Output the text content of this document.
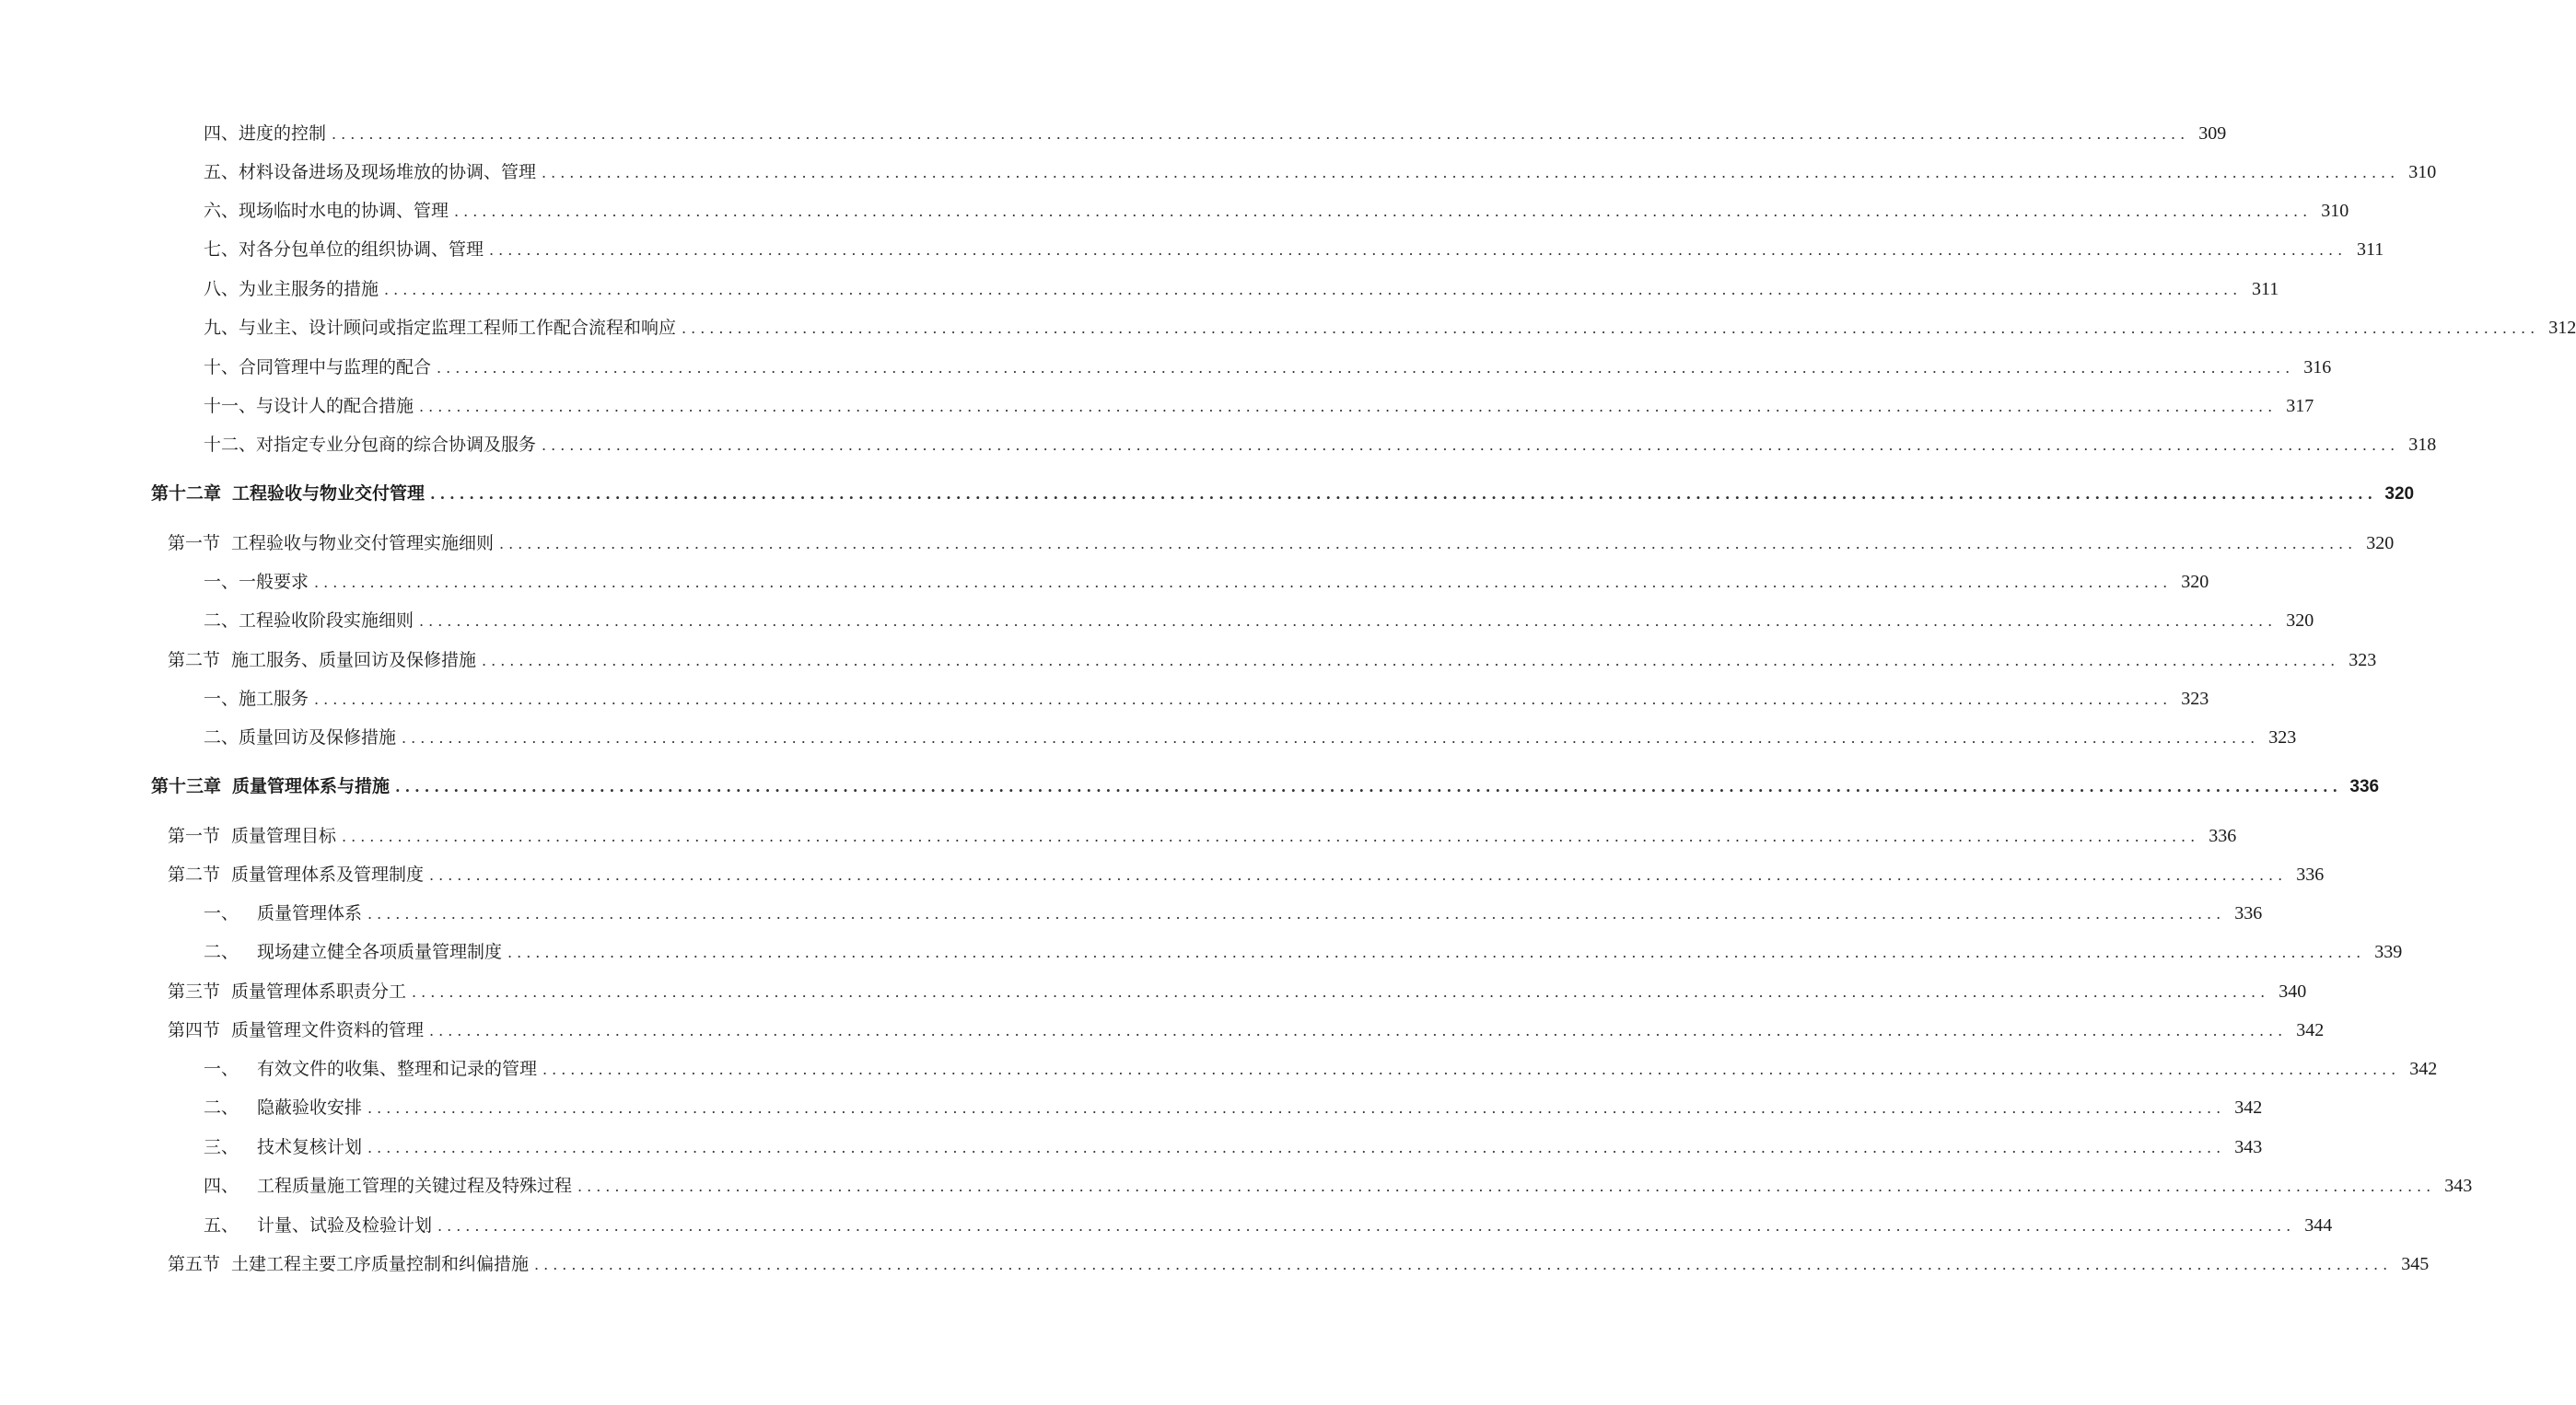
四、 进度的控制 ........................................................................................................................................................................................................ 309
五、 材料设备进场及现场堆放的协调、管理 ........................................................................................................................................................................................................ 310
六、 现场临时水电的协调、管理 ........................................................................................................................................................................................................ 310
七、 对各分包单位的组织协调、管理 ........................................................................................................................................................................................................ 311
八、 为业主服务的措施 ........................................................................................................................................................................................................ 311
九、 与业主、设计顾问或指定监理工程师工作配合流程和响应 ........................................................................................................................................................................................................ 312
十、 合同管理中与监理的配合 ........................................................................................................................................................................................................ 316
十一、 与设计人的配合措施 ........................................................................................................................................................................................................ 317
十二、 对指定专业分包商的综合协调及服务 ........................................................................................................................................................................................................ 318
第十二章 工程验收与物业交付管理 ........................................................................................................................................................................................................ 320
第一节 工程验收与物业交付管理实施细则 ........................................................................................................................................................................................................ 320
一、 一般要求 ........................................................................................................................................................................................................ 320
二、 工程验收阶段实施细则 ........................................................................................................................................................................................................ 320
第二节 施工服务、质量回访及保修措施 ........................................................................................................................................................................................................ 323
一、 施工服务 ........................................................................................................................................................................................................ 323
二、 质量回访及保修措施 ........................................................................................................................................................................................................ 323
第十三章 质量管理体系与措施 ........................................................................................................................................................................................................ 336
第一节 质量管理目标 ........................................................................................................................................................................................................ 336
第二节 质量管理体系及管理制度 ........................................................................................................................................................................................................ 336
一、	质量管理体系 ........................................................................................................................................................................................................ 336
二、	现场建立健全各项质量管理制度 ........................................................................................................................................................................................................ 339
第三节 质量管理体系职责分工 ........................................................................................................................................................................................................ 340
第四节 质量管理文件资料的管理 ........................................................................................................................................................................................................ 342
一、	有效文件的收集、整理和记录的管理 ........................................................................................................................................................................................................ 342
二、	隐蔽验收安排 ........................................................................................................................................................................................................ 342
三、	技术复核计划 ........................................................................................................................................................................................................ 343
四、	工程质量施工管理的关键过程及特殊过程 ........................................................................................................................................................................................................ 343
五、	计量、试验及检验计划 ........................................................................................................................................................................................................ 344
第五节 土建工程主要工序质量控制和纠偏措施 ........................................................................................................................................................................................................ 345
